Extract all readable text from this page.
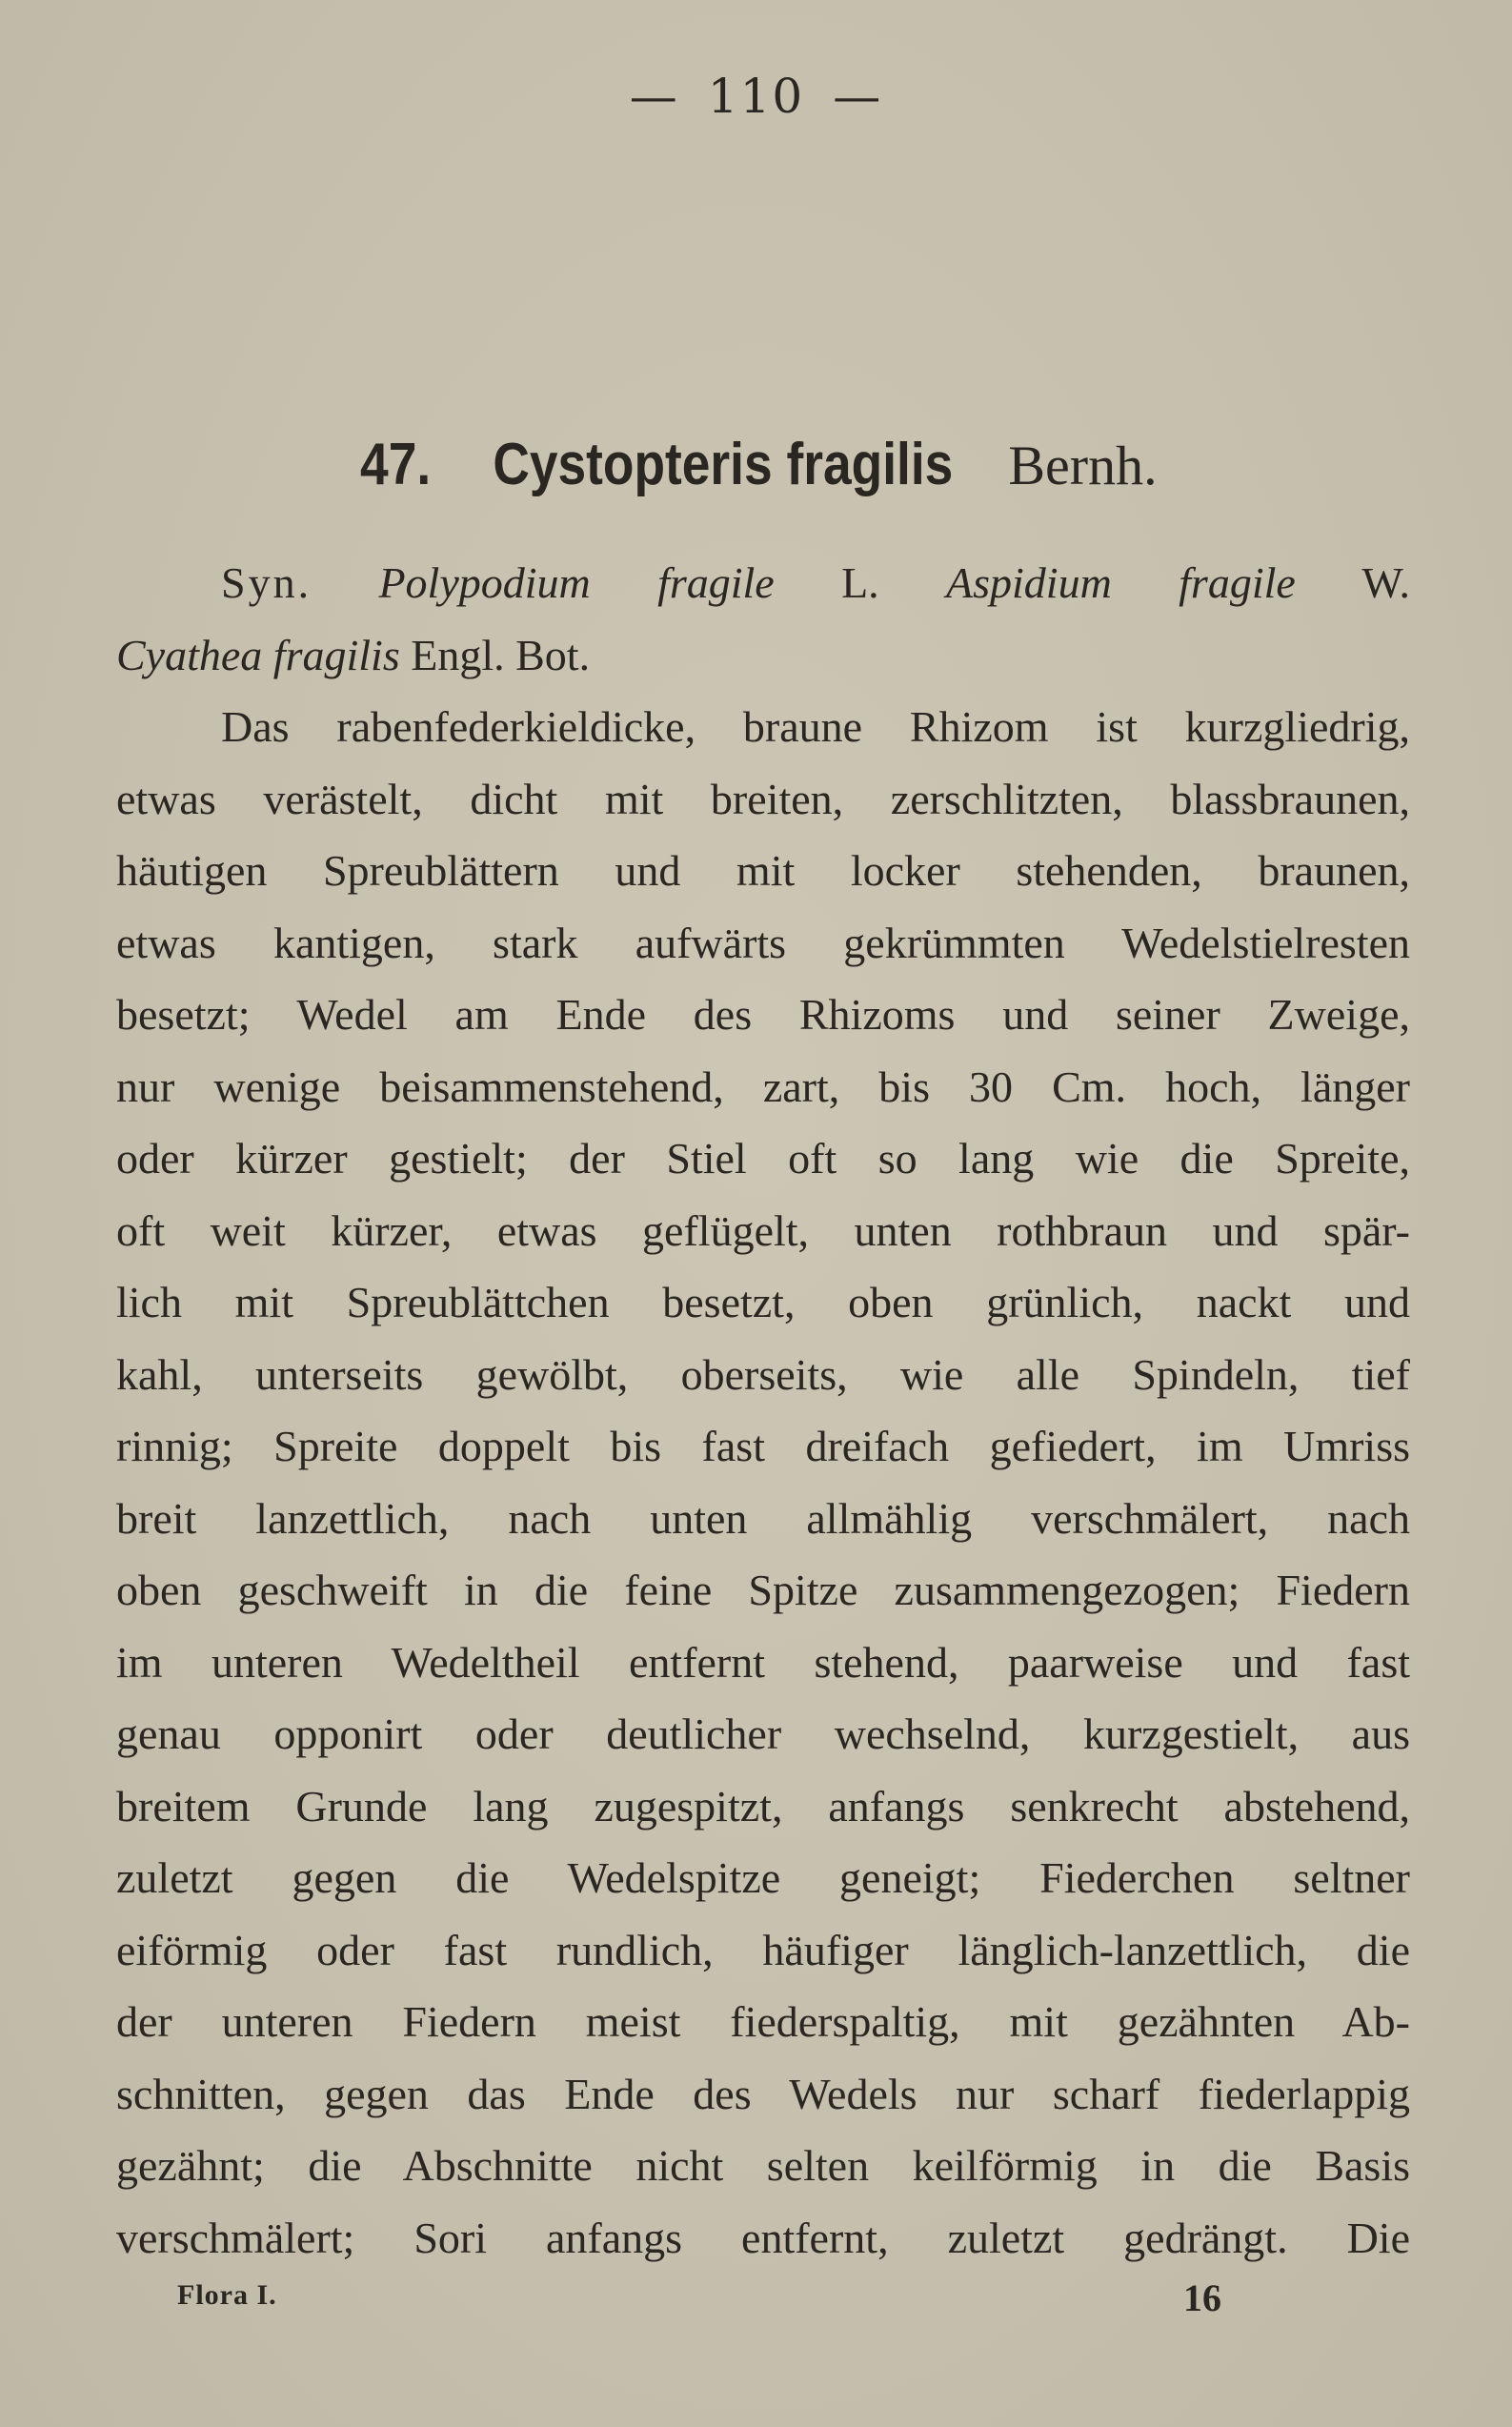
— 110 —
47. Cystopteris fragilis Bernh.
Syn. Polypodium fragile L. Aspidium fragile W.
Cyathea fragilis Engl. Bot.
Das rabenfederkieldicke, braune Rhizom ist kurzgliedrig,
etwas verästelt, dicht mit breiten, zerschlitzten, blassbraunen,
häutigen Spreublättern und mit locker stehenden, braunen,
etwas kantigen, stark aufwärts gekrümmten Wedelstielresten
besetzt; Wedel am Ende des Rhizoms und seiner Zweige,
nur wenige beisammenstehend, zart, bis 30 Cm. hoch, länger
oder kürzer gestielt; der Stiel oft so lang wie die Spreite,
oft weit kürzer, etwas geflügelt, unten rothbraun und spär-
lich mit Spreublättchen besetzt, oben grünlich, nackt und
kahl, unterseits gewölbt, oberseits, wie alle Spindeln, tief
rinnig; Spreite doppelt bis fast dreifach gefiedert, im Umriss
breit lanzettlich, nach unten allmählig verschmälert, nach
oben geschweift in die feine Spitze zusammengezogen; Fiedern
im unteren Wedeltheil entfernt stehend, paarweise und fast
genau opponirt oder deutlicher wechselnd, kurzgestielt, aus
breitem Grunde lang zugespitzt, anfangs senkrecht abstehend,
zuletzt gegen die Wedelspitze geneigt; Fiederchen seltner
eiförmig oder fast rundlich, häufiger länglich-lanzettlich, die
der unteren Fiedern meist fiederspaltig, mit gezähnten Ab-
schnitten, gegen das Ende des Wedels nur scharf fiederlappig
gezähnt; die Abschnitte nicht selten keilförmig in die Basis
verschmälert; Sori anfangs entfernt, zuletzt gedrängt. Die
Flora I.	16
